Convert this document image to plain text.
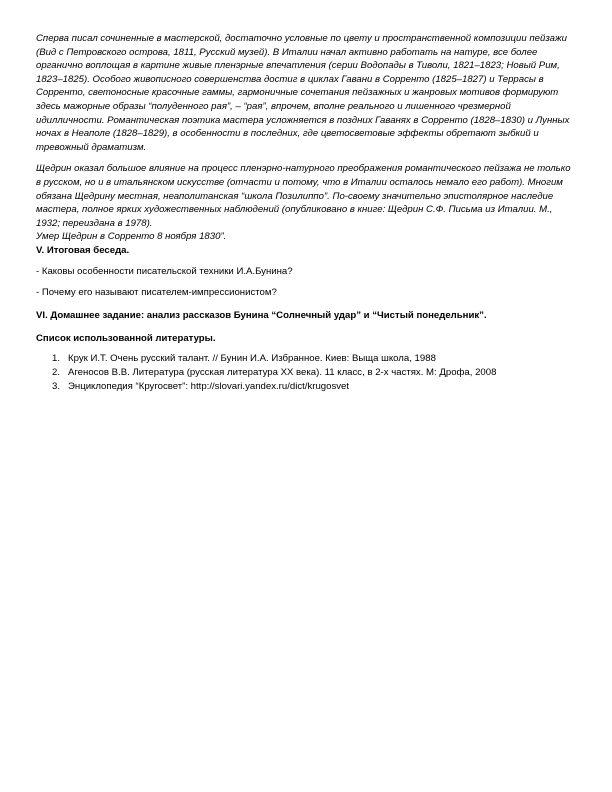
Сперва писал сочиненные в мастерской, достаточно условные по цвету и пространственной композиции пейзажи (Вид с Петровского острова, 1811, Русский музей). В Италии начал активно работать на натуре, все более органично воплощая в картине живые пленэрные впечатления (серии Водопады в Тиволи, 1821–1823; Новый Рим, 1823–1825). Особого живописного совершенства достиг в циклах Гавани в Сорренто (1825–1827) и Террасы в Сорренто, светоносные красочные гаммы, гармоничные сочетания пейзажных и жанровых мотивов формируют здесь мажорные образы “полуденного рая”, – “рая”, впрочем, вполне реального и лишенного чрезмерной идилличности. Романтическая поэтика мастера усложняется в поздних Гаванях в Сорренто (1828–1830) и Лунных ночах в Неаполе (1828–1829), в особенности в последних, где цветосветовые эффекты обретают зыбкий и тревожный драматизм.

Щедрин оказал большое влияние на процесс пленэрно-натурного преображения романтического пейзажа не только в русском, но и в итальянском искусстве (отчасти и потому, что в Италии осталось немало его работ). Многим обязана Щедрину местная, неаполитанская “школа Позилиппо”. По-своему значительно эпистолярное наследие мастера, полное ярких художественных наблюдений (опубликовано в книге: Щедрин С.Ф. Письма из Италии. М., 1932; переиздана в 1978).

Умер Щедрин в Сорренто 8 ноября 1830”.

V. Итоговая беседа.

- Каковы особенности писательской техники И.А.Бунина?

- Почему его называют писателем-импрессионистом?

VI. Домашнее задание: анализ рассказов Бунина “Солнечный удар” и “Чистый понедельник”.

Список использованной литературы.

1. Крук И.Т. Очень русский талант. // Бунин И.А. Избранное. Киев: Выща школа, 1988
2. Агеносов В.В. Литература (русская литература XX века). 11 класс, в 2-х частях. М: Дрофа, 2008
3. Энциклопедия “Кругосвет”: http://slovari.yandex.ru/dict/krugosvet
